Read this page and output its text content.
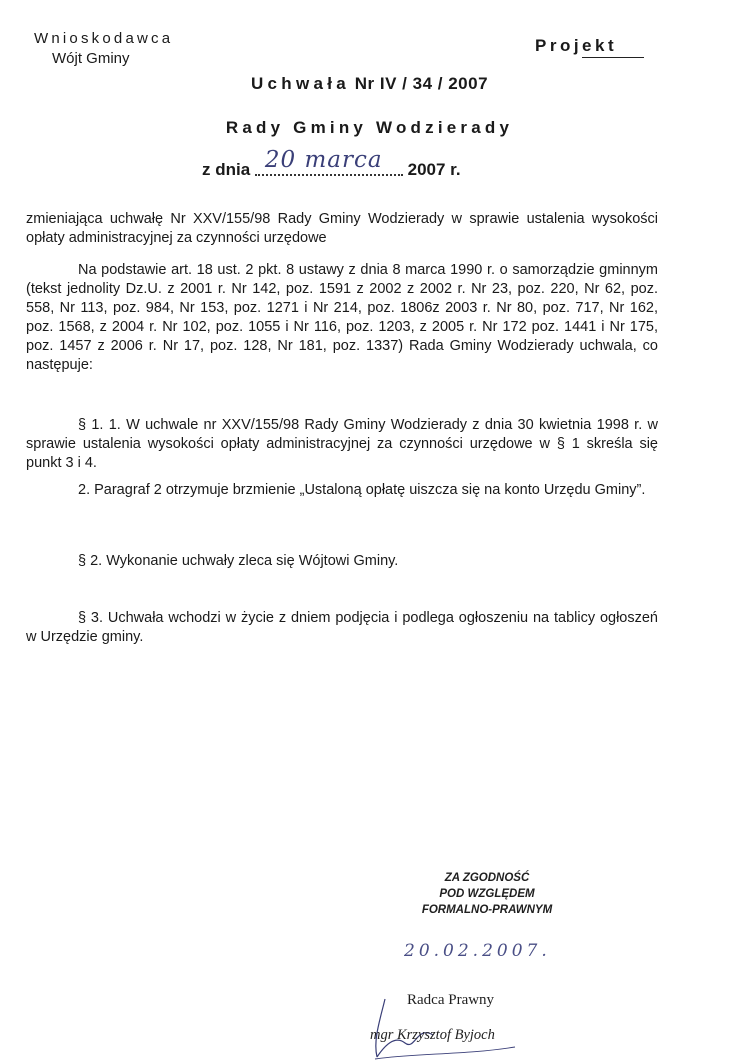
Wnioskodawca
Wójt Gminy
Projekt
Uchwała Nr IV / 34 / 2007
Rady Gminy Wodzierady
z dnia 20 marca 2007 r.
zmieniająca uchwałę Nr XXV/155/98 Rady Gminy Wodzierady w sprawie ustalenia wysokości opłaty administracyjnej za czynności urzędowe
Na podstawie art. 18 ust. 2 pkt. 8 ustawy z dnia 8 marca 1990 r. o samorządzie gminnym (tekst jednolity Dz.U. z 2001 r. Nr 142, poz. 1591 z 2002 z 2002 r. Nr 23, poz. 220, Nr 62, poz. 558, Nr 113, poz. 984, Nr 153, poz. 1271 i Nr 214, poz. 1806z 2003 r. Nr 80, poz. 717, Nr 162, poz. 1568, z 2004 r. Nr 102, poz. 1055 i Nr 116, poz. 1203, z 2005 r. Nr 172 poz. 1441 i Nr 175, poz. 1457 z 2006 r. Nr 17, poz. 128, Nr 181, poz. 1337) Rada Gminy Wodzierady uchwala, co następuje:
§ 1. 1. W uchwale nr XXV/155/98 Rady Gminy Wodzierady z dnia 30 kwietnia 1998 r. w sprawie ustalenia wysokości opłaty administracyjnej za czynności urzędowe w § 1 skreśla się punkt 3 i 4.
2. Paragraf 2 otrzymuje brzmienie „Ustaloną opłatę uiszcza się na konto Urzędu Gminy”.
§ 2. Wykonanie uchwały zleca się Wójtowi Gminy.
§ 3. Uchwała wchodzi w życie z dniem podjęcia i podlega ogłoszeniu na tablicy ogłoszeń w Urzędzie gminy.
ZA ZGODNOŚĆ
POD WZGLĘDEM
FORMALNO-PRAWNYM
20.02.2007.
Radca Prawny
mgr Krzysztof Byjoch
